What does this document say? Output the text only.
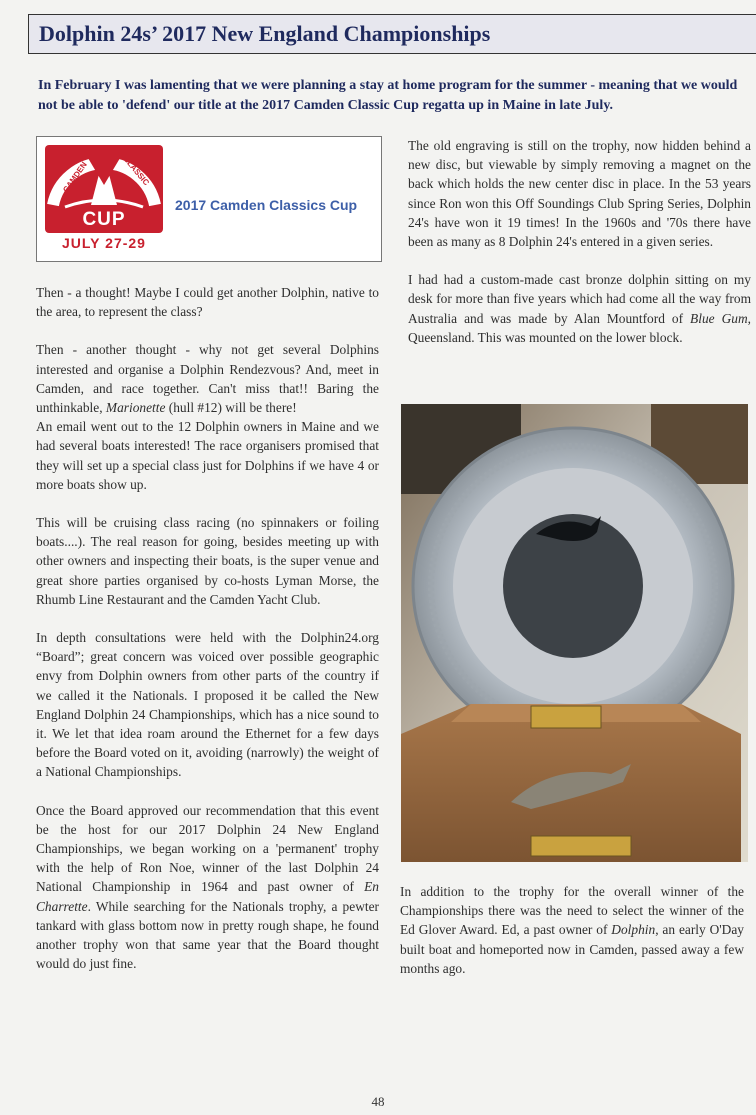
Dolphin 24s’ 2017 New England Championships
In February I was lamenting that we were planning a stay at home program for the summer - meaning that we would not be able to 'defend' our title at the 2017 Camden Classic Cup regatta up in Maine in late July.
CAMDEN	CLASSIC
CUP
JULY 27-29
2017 Camden Classics Cup

Then - a thought! Maybe I could get another Dolphin, native to the area, to represent the class?

Then - another thought - why not get several Dolphins interested and organise a Dolphin Rendezvous? And, meet in Camden, and race together. Can't miss that!! Baring the unthinkable, Marionette (hull #12) will be there!

An email went out to the 12 Dolphin owners in Maine and we had several boats interested! The race organisers promised that they will set up a special class just for Dolphins if we have 4 or more boats show up.

This will be cruising class racing (no spinnakers or foiling boats....). The real reason for going, besides meeting up with other owners and inspecting their boats, is the super venue and great shore parties organised by co-hosts Lyman Morse, the Rhumb Line Restaurant and the Camden Yacht Club.

In depth consultations were held with the Dolphin24.org “Board”; great concern was voiced over possible geographic envy from Dolphin owners from other parts of the country if we called it the Nationals. I proposed it be called the New England Dolphin 24 Championships, which has a nice sound to it. We let that idea roam around the Ethernet for a few days before the Board voted on it, avoiding (narrowly) the weight of a National Championships.

Once the Board approved our recommendation that this event be the host for our 2017 Dolphin 24 New England Championships, we began working on a 'permanent' trophy with the help of Ron Noe, winner of the last Dolphin 24 National Championship in 1964 and past owner of En Charrette. While searching for the Nationals trophy, a pewter tankard with glass bottom now in pretty rough shape, he found another trophy won that same year that the Board thought would do just fine.

The old engraving is still on the trophy, now hidden behind a new disc, but viewable by simply removing a magnet on the back which holds the new center disc in place. In the 53 years since Ron won this Off Soundings Club Spring Series, Dolphin 24's have won it 19 times! In the 1960s and '70s there have been as many as 8 Dolphin 24's entered in a given series.

I had had a custom-made cast bronze dolphin sitting on my desk for more than five years which had come all the way from Australia and was made by Alan Mountford of Blue Gum, Queensland. This was mounted on the lower block.

In addition to the trophy for the overall winner of the Championships there was the need to select the winner of the Ed Glover Award. Ed, a past owner of Dolphin, an early O'Day built boat and homeported now in Camden, passed away a few months ago.

48
